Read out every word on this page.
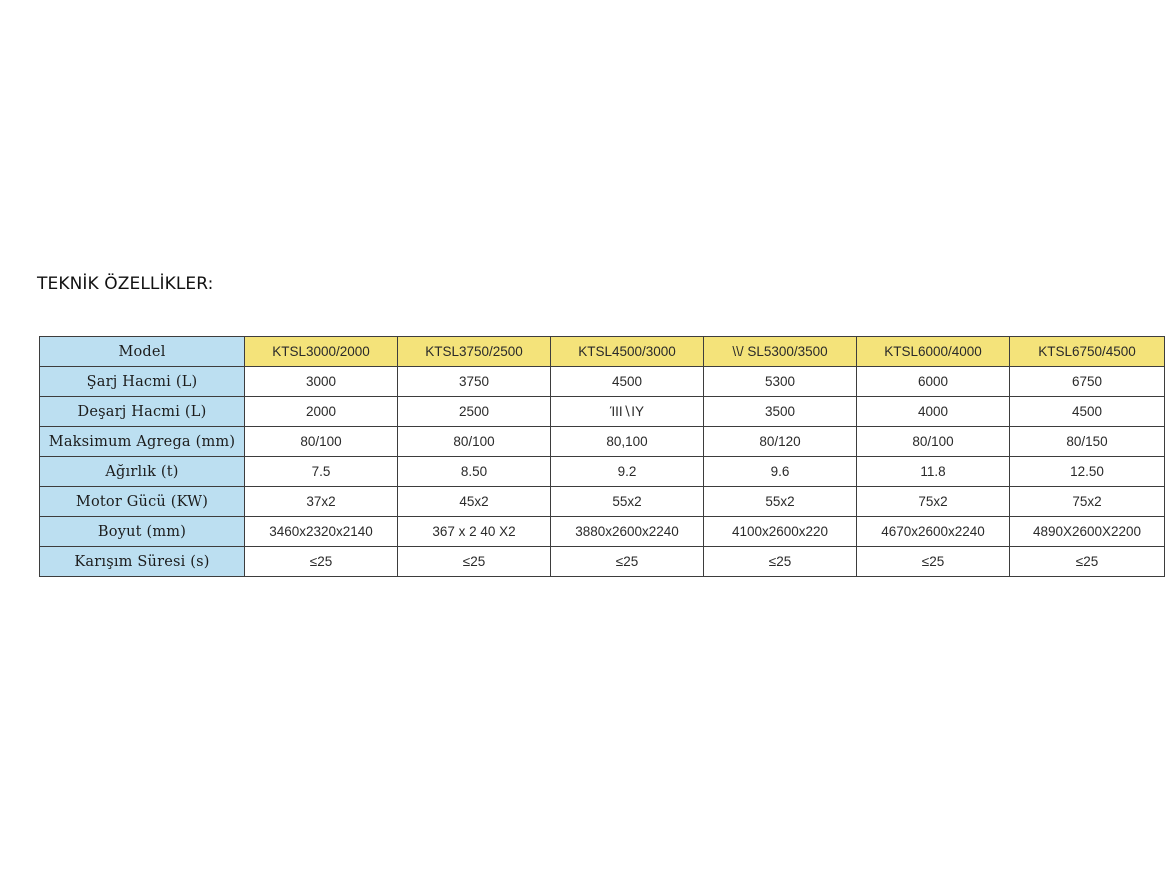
TEKNİK ÖZELLİKLER:
Model	KTSL3000/2000	KTSL3750/2500	KTSL4500/3000	\\/ SL5300/3500	KTSL6000/4000	KTSL6750/4500
Şarj Hacmi (L)	3000	3750	4500	5300	6000	6750
Deşarj Hacmi (L)	2000	2500	ΊΙΙ∖ΙΥ	3500	4000	4500
Maksimum Agrega (mm)	80/100	80/100	80,100	80/120	80/100	80/150
Ağırlık (t)	7.5	8.50	9.2	9.6	11.8	12.50
Motor Gücü (KW)	37x2	45x2	55x2	55x2	75x2	75x2
Boyut (mm)	3460x2320x2140	367 x 2 40 X2	3880x2600x2240	4100x2600x220	4670x2600x2240	4890X2600X2200
Karışım Süresi (s)	≤25	≤25	≤25	≤25	≤25	≤25
